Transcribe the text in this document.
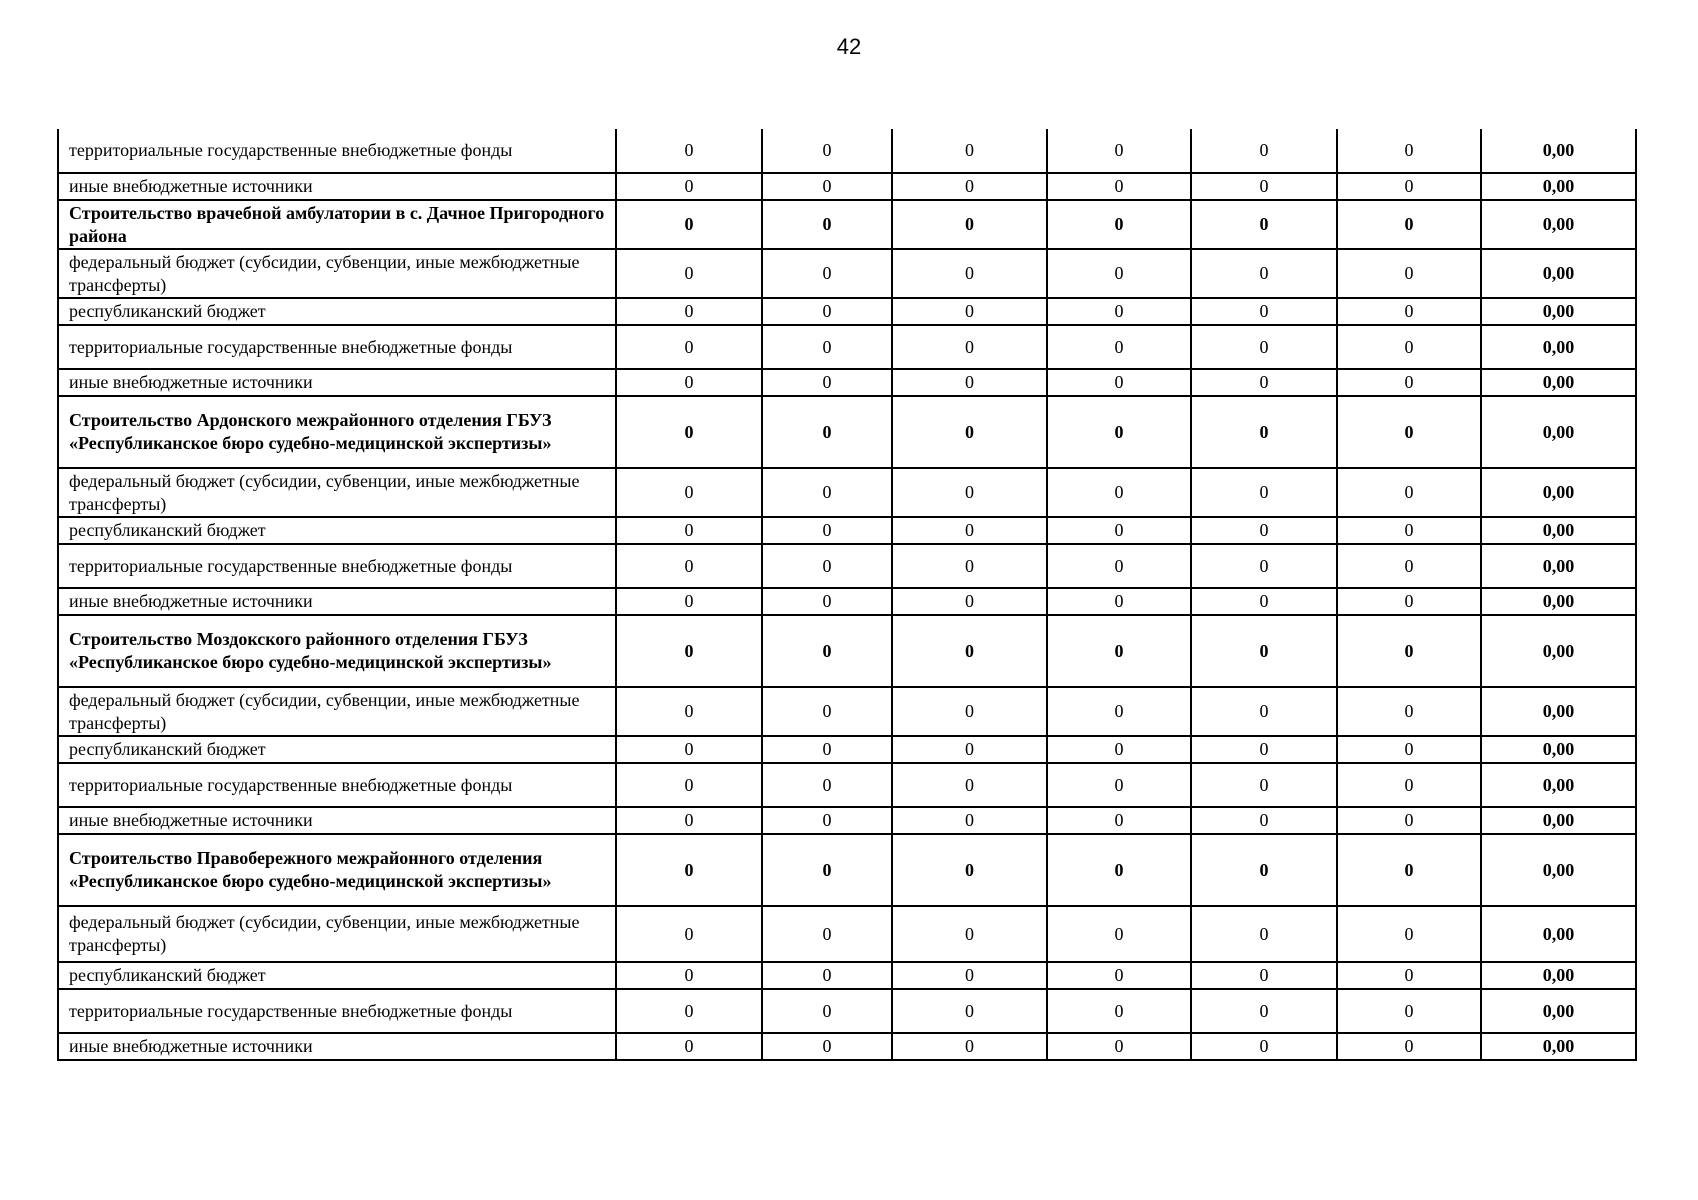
42
территориальные государственные внебюджетные фонды	0	0	0	0	0	0	0,00
иные внебюджетные источники	0	0	0	0	0	0	0,00
Строительство врачебной амбулатории в с. Дачное Пригородного района	0	0	0	0	0	0	0,00
федеральный бюджет (субсидии, субвенции, иные межбюджетные трансферты)	0	0	0	0	0	0	0,00
республиканский бюджет	0	0	0	0	0	0	0,00
территориальные государственные внебюджетные фонды	0	0	0	0	0	0	0,00
иные внебюджетные источники	0	0	0	0	0	0	0,00
Строительство Ардонского межрайонного отделения ГБУЗ «Республиканское бюро судебно-медицинской экспертизы»	0	0	0	0	0	0	0,00
федеральный бюджет (субсидии, субвенции, иные межбюджетные трансферты)	0	0	0	0	0	0	0,00
республиканский бюджет	0	0	0	0	0	0	0,00
территориальные государственные внебюджетные фонды	0	0	0	0	0	0	0,00
иные внебюджетные источники	0	0	0	0	0	0	0,00
Строительство Моздокского районного отделения ГБУЗ «Республиканское бюро судебно-медицинской экспертизы»	0	0	0	0	0	0	0,00
федеральный бюджет (субсидии, субвенции, иные межбюджетные трансферты)	0	0	0	0	0	0	0,00
республиканский бюджет	0	0	0	0	0	0	0,00
территориальные государственные внебюджетные фонды	0	0	0	0	0	0	0,00
иные внебюджетные источники	0	0	0	0	0	0	0,00
Строительство Правобережного межрайонного отделения «Республиканское бюро судебно-медицинской экспертизы»	0	0	0	0	0	0	0,00
федеральный бюджет (субсидии, субвенции, иные межбюджетные трансферты)	0	0	0	0	0	0	0,00
республиканский бюджет	0	0	0	0	0	0	0,00
территориальные государственные внебюджетные фонды	0	0	0	0	0	0	0,00
иные внебюджетные источники	0	0	0	0	0	0	0,00
